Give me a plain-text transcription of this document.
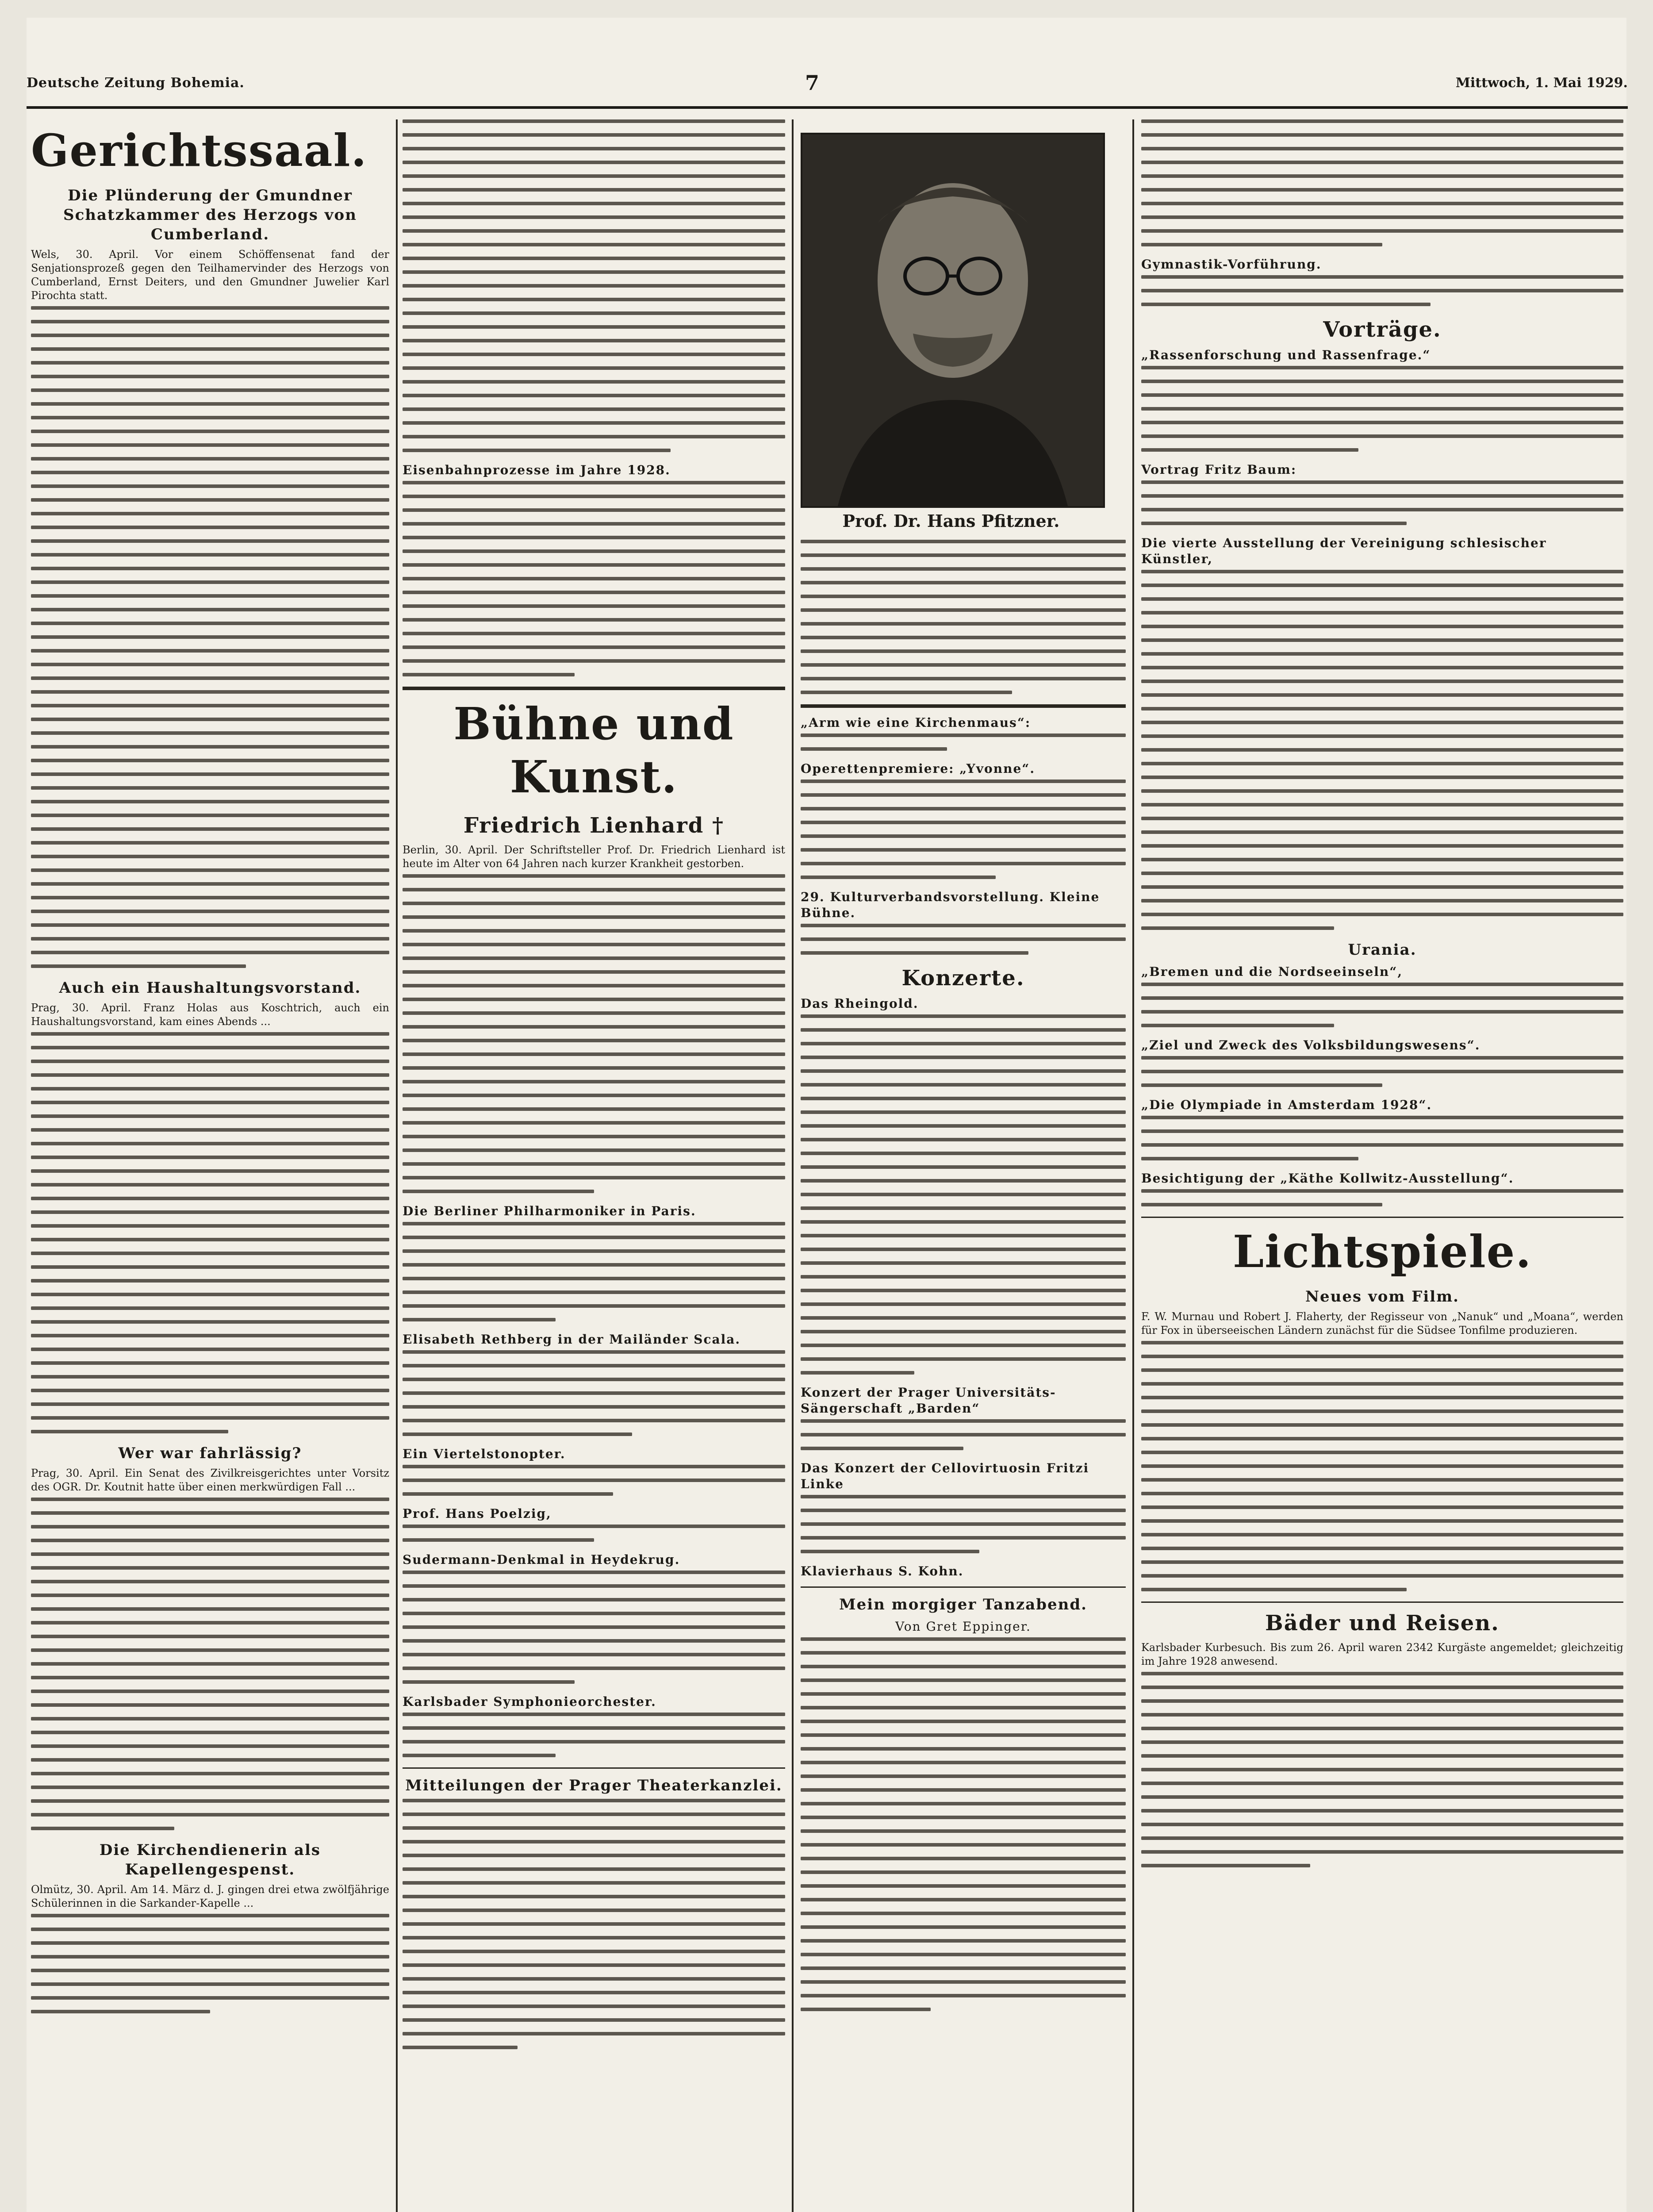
Deutsche Zeitung Bohemia.	7	Mittwoch, 1. Mai 1929.
Gerichtssaal.
Die Plünderung der Gmundner Schatzkammer des Herzogs von Cumberland.

Wels, 30. April. Vor einem Schöffensenat fand der Senjationsprozeß gegen den Teilhamervinder des Herzogs von Cumberland, Ernst Deiters, und den Gmundner Juwelier Karl Pirochta statt.

Auch ein Haushaltungsvorstand.

Prag, 30. April. Franz Holas aus Koschtrich, auch ein Haushaltungsvorstand, kam eines Abends ...

Wer war fahrlässig?

Prag, 30. April. Ein Senat des Zivilkreisgerichtes unter Vorsitz des OGR. Dr. Koutnit hatte über einen merkwürdigen Fall ...

Die Kirchendienerin als Kapellengespenst.

Olmütz, 30. April. Am 14. März d. J. gingen drei etwa zwölfjährige Schülerinnen in die Sarkander-Kapelle ...

Eisenbahnprozesse im Jahre 1928.
Bühne und Kunst.
Friedrich Lienhard †

Berlin, 30. April. Der Schriftsteller Prof. Dr. Friedrich Lienhard ist heute im Alter von 64 Jahren nach kurzer Krankheit gestorben.

Die Berliner Philharmoniker in Paris.
Elisabeth Rethberg in der Mailänder Scala.
Ein Viertelstonopter.
Prof. Hans Poelzig,
Sudermann-Denkmal in Heydekrug.
Karlsbader Symphonieorchester.
Mitteilungen der Prager Theaterkanzlei.
Prof. Dr. Hans Pfitzner.
„Arm wie eine Kirchenmaus“:
Operettenpremiere: „Yvonne“.
29. Kulturverbandsvorstellung. Kleine Bühne.
Konzerte.
Das Rheingold.
Konzert der Prager Universitäts-Sängerschaft „Barden“
Das Konzert der Cellovirtuosin Fritzi Linke
Klavierhaus S. Kohn.
Mein morgiger Tanzabend.
Von Gret Eppinger.
Gymnastik-Vorführung.
Vorträge.
„Rassenforschung und Rassenfrage.“
Vortrag Fritz Baum:
Die vierte Ausstellung der Vereinigung schlesischer Künstler,
Urania.
„Bremen und die Nordseeinseln“,
„Ziel und Zweck des Volksbildungswesens“.
„Die Olympiade in Amsterdam 1928“.
Besichtigung der „Käthe Kollwitz-Ausstellung“.
Lichtspiele.
Neues vom Film.

F. W. Murnau und Robert J. Flaherty, der Regisseur von „Nanuk“ und „Moana“, werden für Fox in überseeischen Ländern zunächst für die Südsee Tonfilme produzieren.

Bäder und Reisen.

Karlsbader Kurbesuch. Bis zum 26. April waren 2342 Kurgäste angemeldet; gleichzeitig im Jahre 1928 anwesend.
